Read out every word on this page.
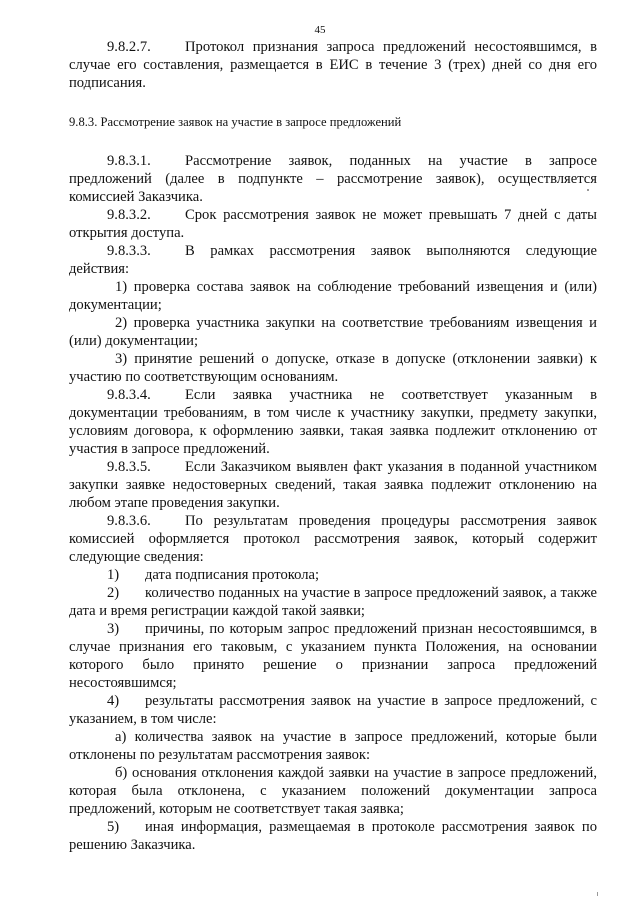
45

9.8.2.7. Протокол признания запроса предложений несостоявшимся, в случае его составления, размещается в ЕИС в течение 3 (трех) дней со дня его подписания.

9.8.3. Рассмотрение заявок на участие в запросе предложений

9.8.3.1. Рассмотрение заявок, поданных на участие в запросе предложений (далее в подпункте – рассмотрение заявок), осуществляется комиссией Заказчика.

9.8.3.2. Срок рассмотрения заявок не может превышать 7 дней с даты открытия доступа.

9.8.3.3. В рамках рассмотрения заявок выполняются следующие действия:

1) проверка состава заявок на соблюдение требований извещения и (или) документации;

2) проверка участника закупки на соответствие требованиям извещения и (или) документации;

3) принятие решений о допуске, отказе в допуске (отклонении заявки) к участию по соответствующим основаниям.

9.8.3.4. Если заявка участника не соответствует указанным в документации требованиям, в том числе к участнику закупки, предмету закупки, условиям договора, к оформлению заявки, такая заявка подлежит отклонению от участия в запросе предложений.

9.8.3.5. Если Заказчиком выявлен факт указания в поданной участником закупки заявке недостоверных сведений, такая заявка подлежит отклонению на любом этапе проведения закупки.

9.8.3.6. По результатам проведения процедуры рассмотрения заявок комиссией оформляется протокол рассмотрения заявок, который содержит следующие сведения:

1) дата подписания протокола;

2) количество поданных на участие в запросе предложений заявок, а также дата и время регистрации каждой такой заявки;

3) причины, по которым запрос предложений признан несостоявшимся, в случае признания его таковым, с указанием пункта Положения, на основании которого было принято решение о признании запроса предложений несостоявшимся;

4) результаты рассмотрения заявок на участие в запросе предложений, с указанием, в том числе:

а) количества заявок на участие в запросе предложений, которые были отклонены по результатам рассмотрения заявок:

б) основания отклонения каждой заявки на участие в запросе предложений, которая была отклонена, с указанием положений документации запроса предложений, которым не соответствует такая заявка;

5) иная информация, размещаемая в протоколе рассмотрения заявок по решению Заказчика.
